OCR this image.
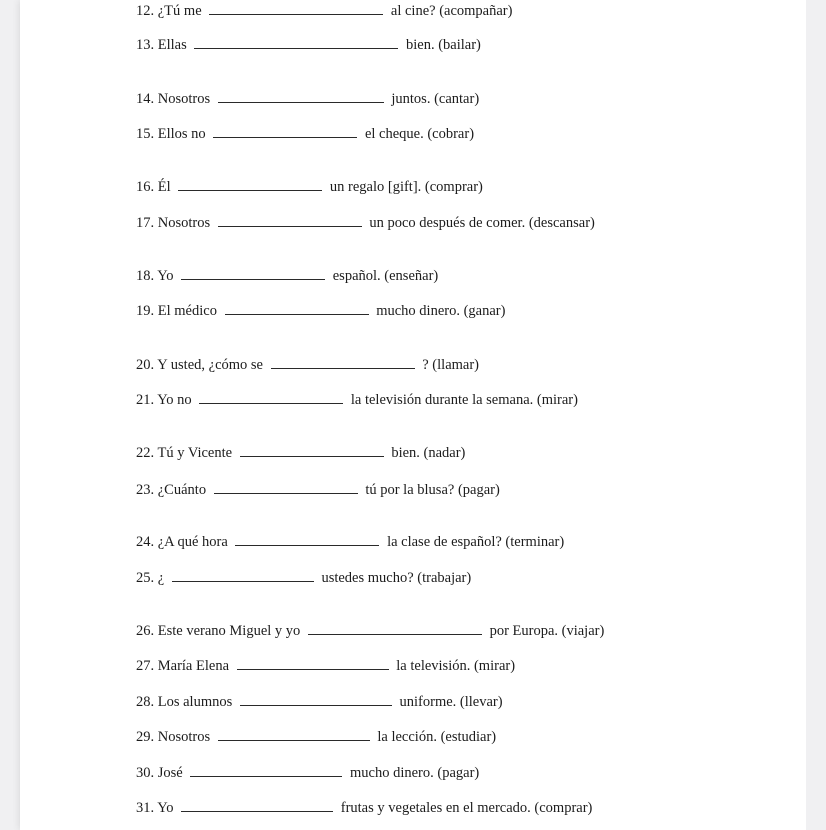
12. ¿Tú me	al cine? (acompañar)
13. Ellas	bien. (bailar)
14. Nosotros	juntos. (cantar)
15. Ellos no	el cheque. (cobrar)
16. Él	un regalo [gift]. (comprar)
17. Nosotros	un poco después de comer. (descansar)
18. Yo	español. (enseñar)
19. El médico	mucho dinero. (ganar)
20. Y usted, ¿cómo se	? (llamar)
21. Yo no	la televisión durante la semana. (mirar)
22. Tú y Vicente	bien. (nadar)
23. ¿Cuánto	tú por la blusa? (pagar)
24. ¿A qué hora	la clase de español? (terminar)
25. ¿	ustedes mucho? (trabajar)
26. Este verano Miguel y yo	por Europa. (viajar)
27. María Elena	la televisión. (mirar)
28. Los alumnos	uniforme. (llevar)
29. Nosotros	la lección. (estudiar)
30. José	mucho dinero. (pagar)
31. Yo	frutas y vegetales en el mercado. (comprar)
